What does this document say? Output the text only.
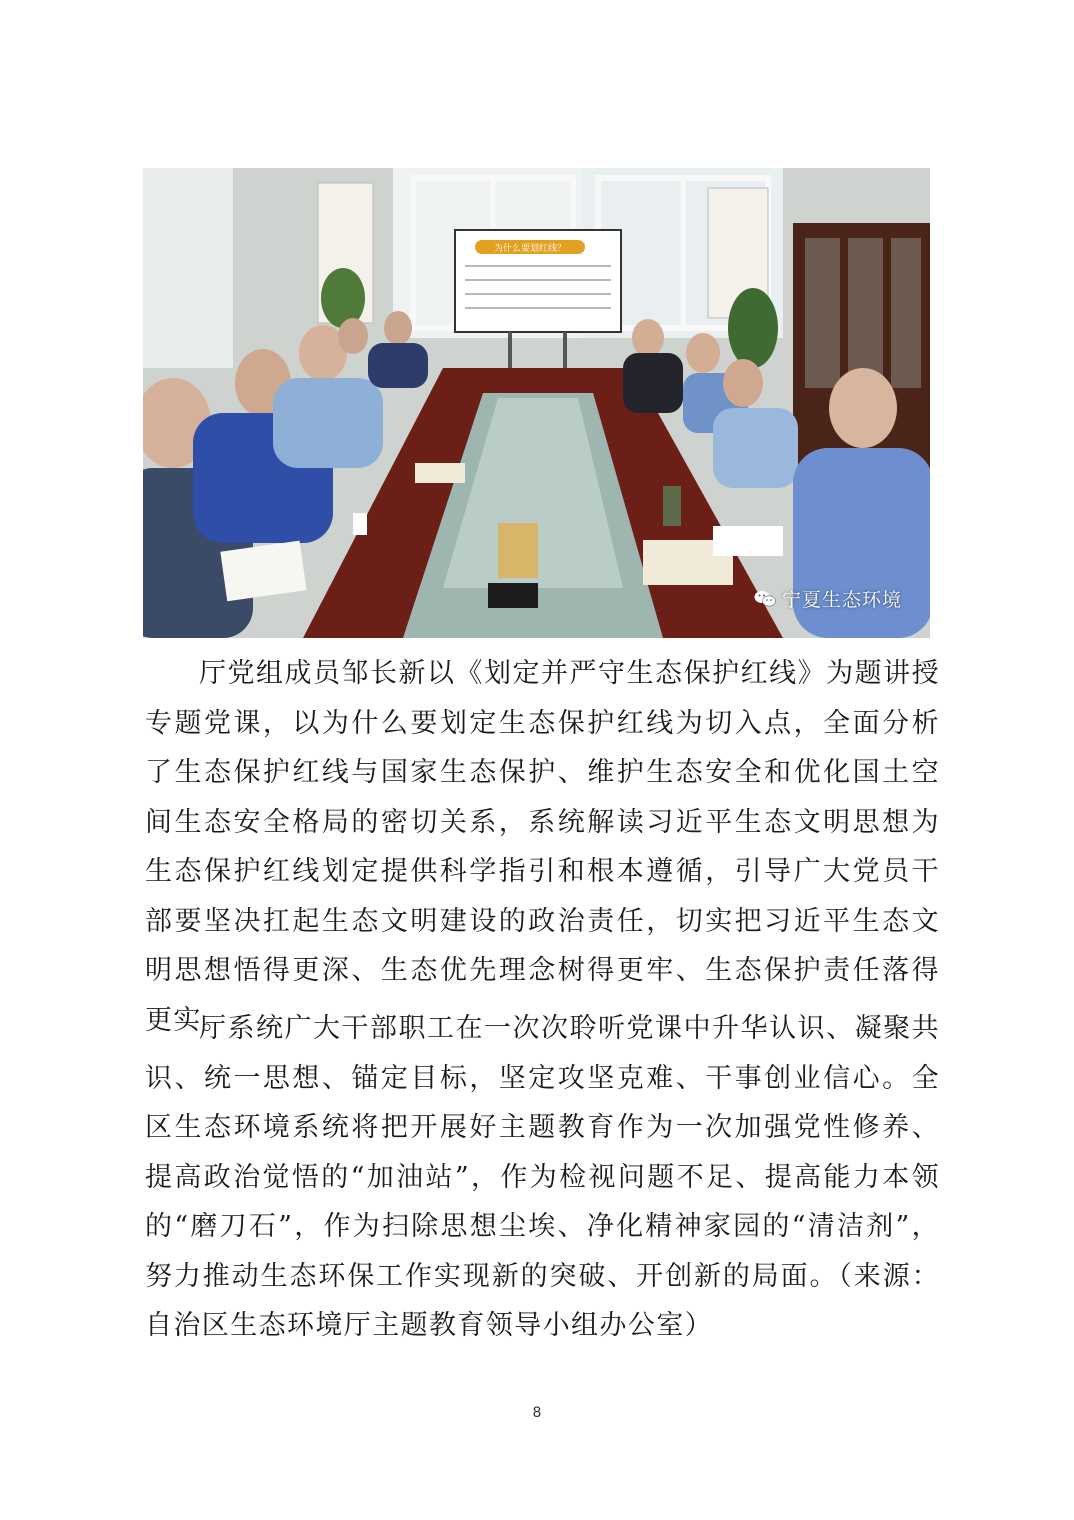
为什么要划红线？
宁夏生态环境

厅党组成员邹长新以《划定并严守生态保护红线》为题讲授专题党课，以为什么要划定生态保护红线为切入点，全面分析了生态保护红线与国家生态保护、维护生态安全和优化国土空间生态安全格局的密切关系，系统解读习近平生态文明思想为生态保护红线划定提供科学指引和根本遵循，引导广大党员干部要坚决扛起生态文明建设的政治责任，切实把习近平生态文明思想悟得更深、生态优先理念树得更牢、生态保护责任落得更实。

厅系统广大干部职工在一次次聆听党课中升华认识、凝聚共识、统一思想、锚定目标，坚定攻坚克难、干事创业信心。全区生态环境系统将把开展好主题教育作为一次加强党性修养、提高政治觉悟的“加油站”，作为检视问题不足、提高能力本领的“磨刀石”，作为扫除思想尘埃、净化精神家园的“清洁剂”，努力推动生态环保工作实现新的突破、开创新的局面。（来源：自治区生态环境厅主题教育领导小组办公室）

8
